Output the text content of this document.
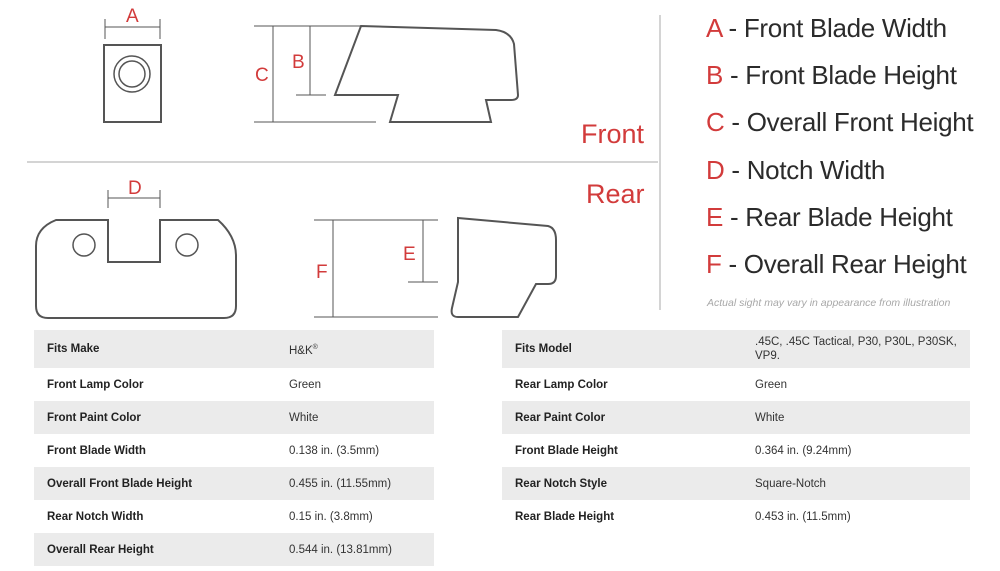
A
C
B
Front
Rear
D
E
F
A - Front Blade Width
B - Front Blade Height
C - Overall Front Height
D - Notch Width
E - Rear Blade Height
F - Overall Rear Height
Actual sight may vary in appearance from illustration
Fits Make	H&K®
Front Lamp Color	Green
Front Paint Color	White
Front Blade Width	0.138 in. (3.5mm)
Overall Front Blade Height	0.455 in. (11.55mm)
Rear Notch Width	0.15 in. (3.8mm)
Overall Rear Height	0.544 in. (13.81mm)
Fits Model	.45C, .45C Tactical, P30, P30L, P30SK, VP9.
Rear Lamp Color	Green
Rear Paint Color	White
Front Blade Height	0.364 in. (9.24mm)
Rear Notch Style	Square-Notch
Rear Blade Height	0.453 in. (11.5mm)
